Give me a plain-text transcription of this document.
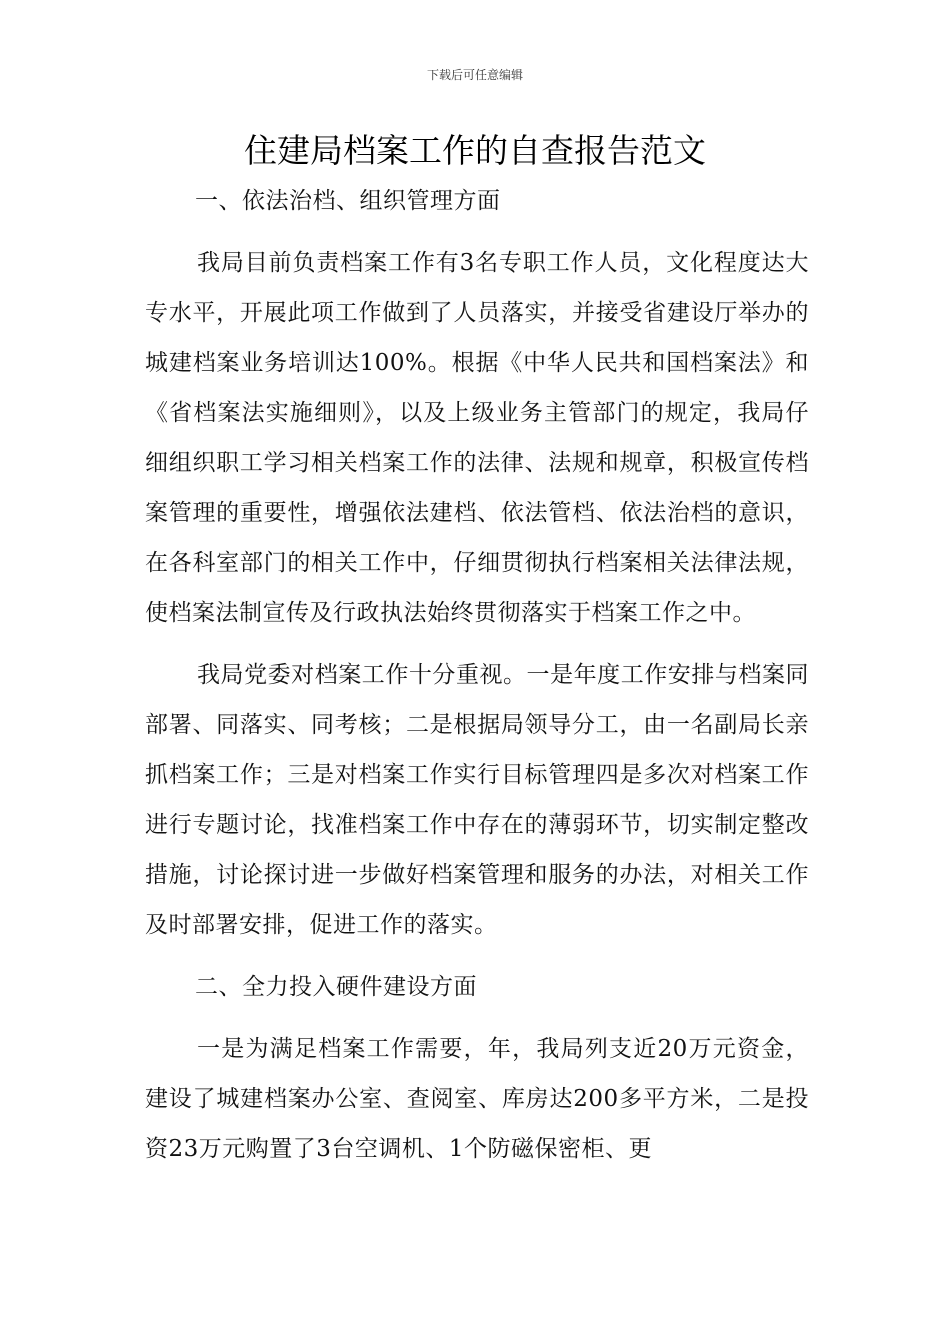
下载后可任意编辑
住建局档案工作的自查报告范文

一、依法治档、组织管理方面

我局目前负责档案工作有3名专职工作人员，文化程度达大专水平，开展此项工作做到了人员落实，并接受省建设厅举办的城建档案业务培训达100%。根据《中华人民共和国档案法》和《省档案法实施细则》，以及上级业务主管部门的规定，我局仔细组织职工学习相关档案工作的法律、法规和规章，积极宣传档案管理的重要性，增强依法建档、依法管档、依法治档的意识，在各科室部门的相关工作中，仔细贯彻执行档案相关法律法规，使档案法制宣传及行政执法始终贯彻落实于档案工作之中。

我局党委对档案工作十分重视。一是年度工作安排与档案同部署、同落实、同考核；二是根据局领导分工，由一名副局长亲抓档案工作；三是对档案工作实行目标管理四是多次对档案工作进行专题讨论，找准档案工作中存在的薄弱环节，切实制定整改措施，讨论探讨进一步做好档案管理和服务的办法，对相关工作及时部署安排，促进工作的落实。

二、全力投入硬件建设方面

一是为满足档案工作需要，年，我局列支近20万元资金，建设了城建档案办公室、查阅室、库房达200多平方米，二是投资23万元购置了3台空调机、1个防磁保密柜、更
